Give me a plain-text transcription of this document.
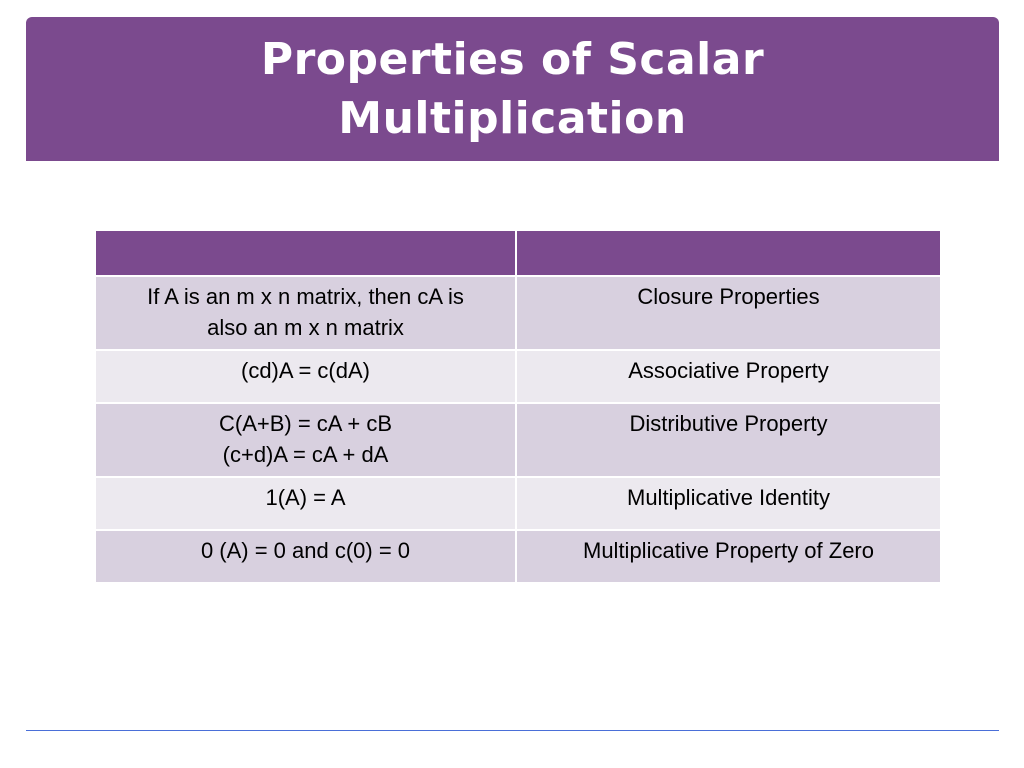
Properties of Scalar Multiplication

If A is an m x n matrix, then cA is
also an m x n matrix	Closure Properties

(cd)A = c(dA)	Associative Property

C(A+B) = cA + cB
(c+d)A = cA + dA	Distributive Property

1(A) = A	Multiplicative Identity

0 (A) = 0 and c(0) = 0	Multiplicative Property of Zero
